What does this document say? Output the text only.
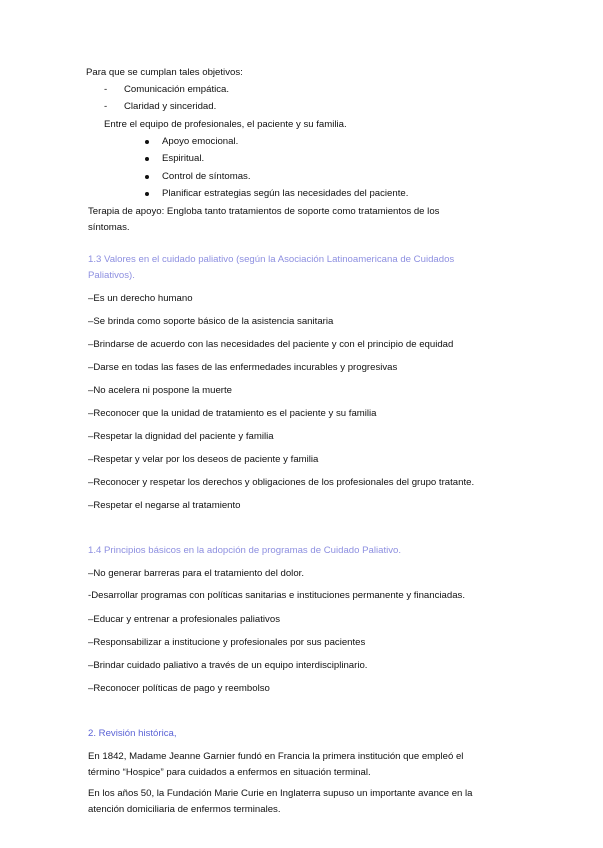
Para que se cumplan tales objetivos:
- Comunicación empática.
- Claridad y sinceridad.
Entre el equipo de profesionales, el paciente y su familia.
Apoyo emocional.
Espiritual.
Control de síntomas.
Planificar estrategias según las necesidades del paciente.
Terapia de apoyo: Engloba tanto tratamientos de soporte como tratamientos de los
síntomas.
1.3 Valores en el cuidado paliativo (según la Asociación Latinoamericana de Cuidados
Paliativos).
–Es un derecho humano
–Se brinda como soporte básico de la asistencia sanitaria
–Brindarse de acuerdo con las necesidades del paciente y con el principio de equidad
–Darse en todas las fases de las enfermedades incurables y progresivas
–No acelera ni pospone la muerte
–Reconocer que la unidad de tratamiento es el paciente y su familia
–Respetar la dignidad del paciente y familia
–Respetar y velar por los deseos de paciente y familia
–Reconocer y respetar los derechos y obligaciones de los profesionales del grupo tratante.
–Respetar el negarse al tratamiento
1.4 Principios básicos en la adopción de programas de Cuidado Paliativo.
–No generar barreras para el tratamiento del dolor.
-Desarrollar programas con políticas sanitarias e instituciones permanente y financiadas.
–Educar y entrenar a profesionales paliativos
–Responsabilizar a institucione y profesionales por sus pacientes
–Brindar cuidado paliativo a través de un equipo interdisciplinario.
–Reconocer políticas de pago y reembolso
2. Revisión histórica,
En 1842, Madame Jeanne Garnier fundó en Francia la primera institución que empleó el
término “Hospice” para cuidados a enfermos en situación terminal.
En los años 50, la Fundación Marie Curie en Inglaterra supuso un importante avance en la
atención domiciliaria de enfermos terminales.
